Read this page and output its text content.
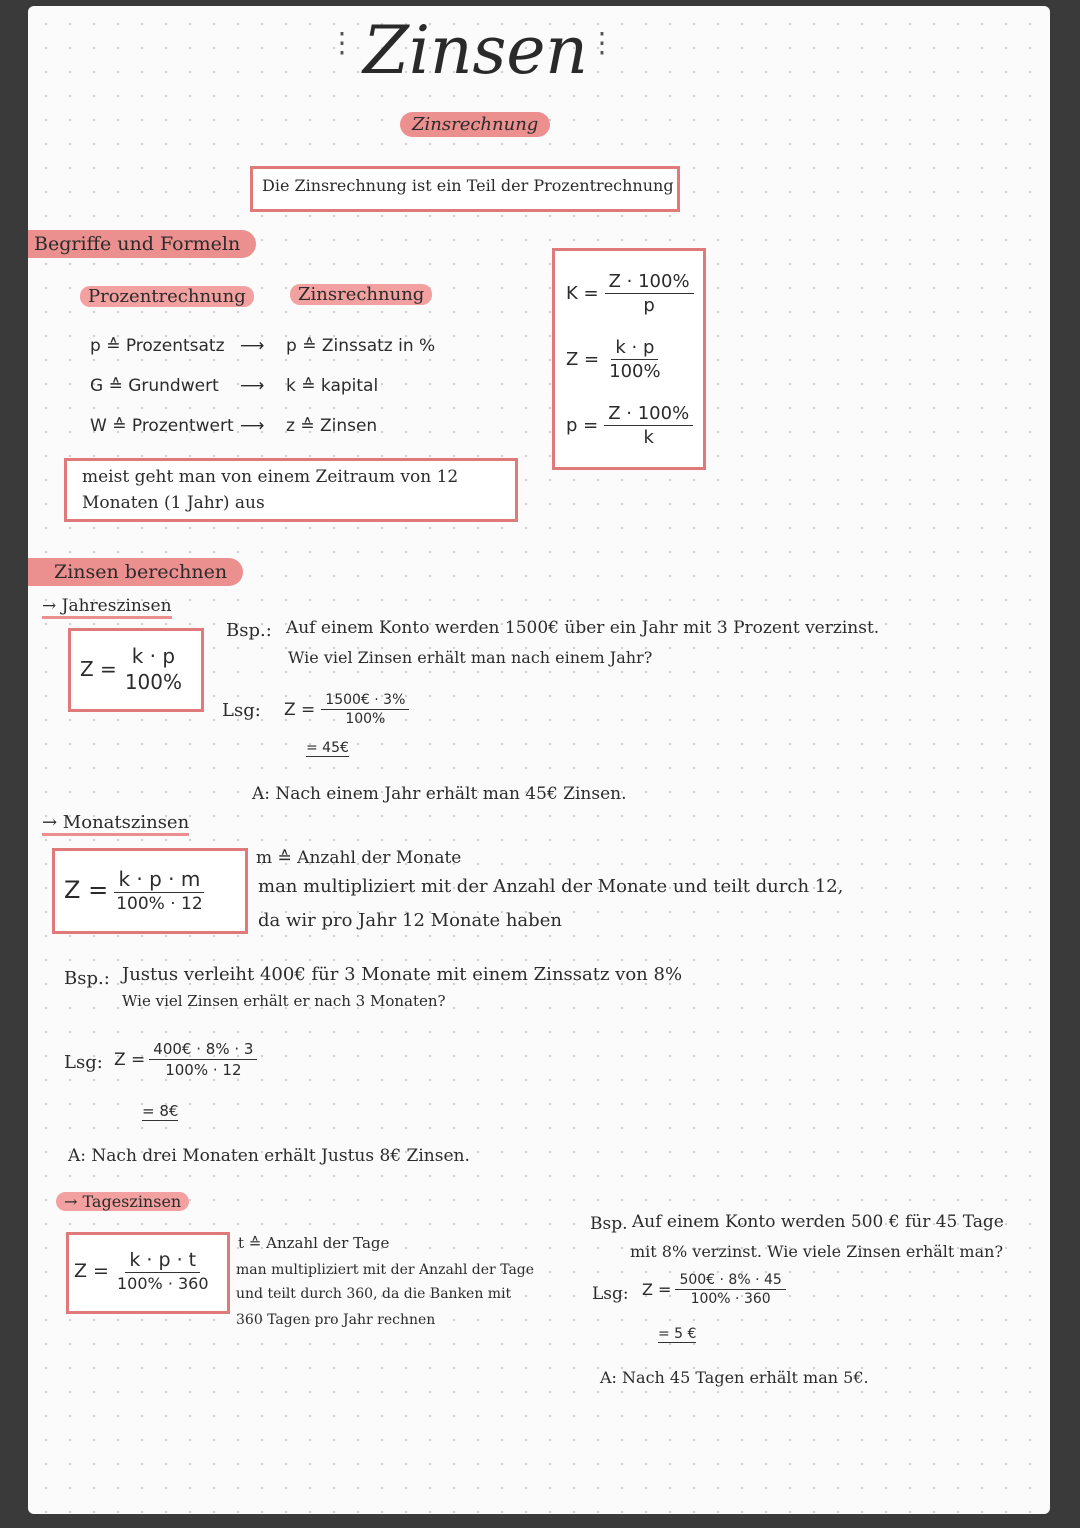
⋮ Zinsen ⋮
Zinsrechnung
Die Zinsrechnung ist ein Teil der Prozentrechnung
Begriffe und Formeln
Prozentrechnung	Zinsrechnung
p ≙ Prozentsatz ⟶	p ≙ Zinssatz in %
G ≙ Grundwert	⟶	k ≙ kapital
W ≙ Prozentwert ⟶	z ≙ Zinsen
$K = \frac{Z \cdot 100\%}{p}$
$Z = \frac{k \cdot p}{100\%}$
$p = \frac{Z \cdot 100\%}{k}$
meist geht man von einem Zeitraum von 12 Monaten (1 Jahr) aus
Zinsen berechnen
→ Jahreszinsen
Z =
k · p
100%
Bsp.: Auf einem Konto werden 1500€ über ein Jahr mit 3 Prozent verzinst.
Wie viel Zinsen erhält man nach einem Jahr?
Lsg: $Z = \frac{1500€ \cdot 3\%}{100\%}$
= 45€
A: Nach einem Jahr erhält man 45€ Zinsen.
→ Monatszinsen
$Z = \frac{k \cdot p \cdot m}{100\% \cdot 12}$
m ≙ Anzahl der Monate
man multipliziert mit der Anzahl der Monate und teilt durch 12,
da wir pro Jahr 12 Monate haben
Bsp.: Justus verleiht 400€ für 3 Monate mit einem Zinssatz von 8%
Wie viel Zinsen erhält er nach 3 Monaten?
Lsg: $Z = \frac{400€ \cdot 8\% \cdot 3}{100\% \cdot 12}$
= 8€
A: Nach drei Monaten erhält Justus 8€ Zinsen.
→ Tageszinsen
$Z = \frac{k \cdot p \cdot t}{100\% \cdot 360}$
t ≙ Anzahl der Tage
man multipliziert mit der Anzahl der Tage
und teilt durch 360, da die Banken mit
360 Tagen pro Jahr rechnen
Bsp. Auf einem Konto werden 500 € für 45 Tage
mit 8% verzinst. Wie viele Zinsen erhält man?
Lsg: $Z = \frac{500€ \cdot 8\% \cdot 45}{100\% \cdot 360}$
= 5 €
A: Nach 45 Tagen erhält man 5€.
